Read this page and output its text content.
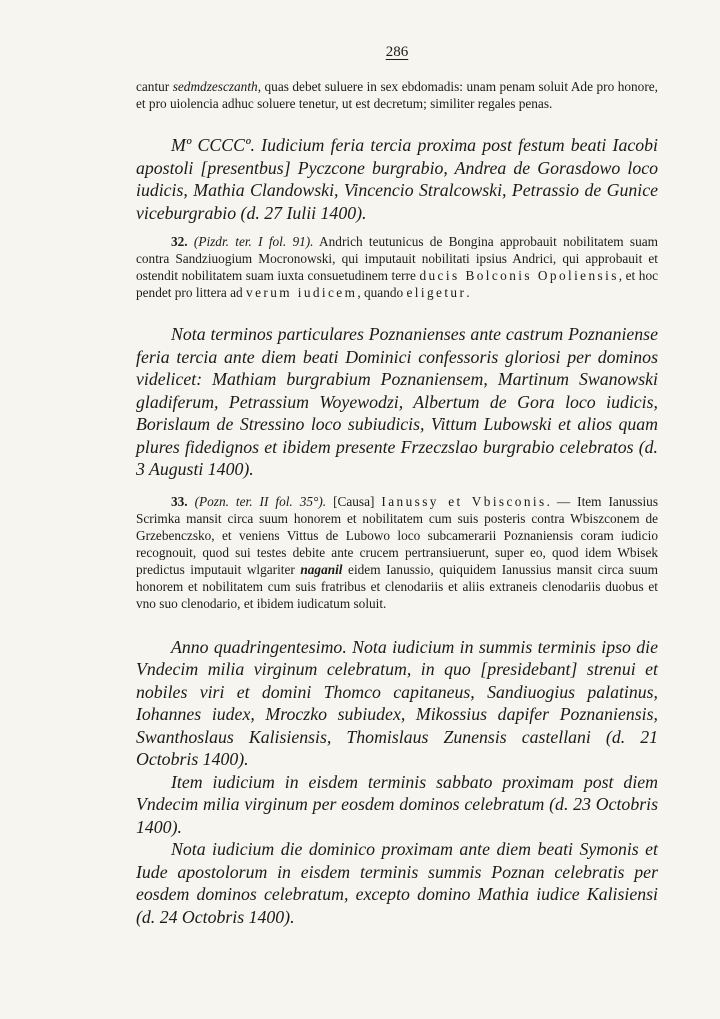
286

cantur sedmdzesczanth, quas debet suluere in sex ebdomadis: unam penam soluit Ade pro honore, et pro uiolencia adhuc soluere tenetur, ut est decretum; similiter regales penas.

Mº CCCCº. Iudicium feria tercia proxima post festum beati Iacobi apostoli [presentbus] Pyczcone burgrabio, Andrea de Gorasdowo loco iudicis, Mathia Clandowski, Vincencio Stralcowski, Petrassio de Gunice viceburgrabio (d. 27 Iulii 1400).

32. (Pizdr. ter. I fol. 91). Andrich teutunicus de Bongina approbauit nobilitatem suam contra Sandziuogium Mocronowski, qui imputauit nobilitati ipsius Andrici, qui approbauit et ostendit nobilitatem suam iuxta consuetudinem terre ducis Bolconis Opoliensis, et hoc pendet pro littera ad verum iudicem, quando eligetur.

Nota terminos particulares Poznanienses ante castrum Poznaniense feria tercia ante diem beati Dominici confessoris gloriosi per dominos videlicet: Mathiam burgrabium Poznaniensem, Martinum Swanowski gladiferum, Petrassium Woyewodzi, Albertum de Gora loco iudicis, Borislaum de Stressino loco subiudicis, Vittum Lubowski et alios quam plures fidedignos et ibidem presente Frzeczslao burgrabio celebratos (d. 3 Augusti 1400).

33. (Pozn. ter. II fol. 35°). [Causa] Ianussy et Vbisconis. — Item Ianussius Scrimka mansit circa suum honorem et nobilitatem cum suis posteris contra Wbiszconem de Grzebenczsko, et veniens Vittus de Lubowo loco subcamerarii Poznaniensis coram iudicio recognouit, quod sui testes debite ante crucem pertransiuerunt, super eo, quod idem Wbisek predictus imputauit wlgariter naganil eidem Ianussio, quiquidem Ianussius mansit circa suum honorem et nobilitatem cum suis fratribus et clenodariis et aliis extraneis clenodariis duobus et vno suo clenodario, et ibidem iudicatum soluit.

Anno quadringentesimo. Nota iudicium in summis terminis ipso die Vndecim milia virginum celebratum, in quo [presidebant] strenui et nobiles viri et domini Thomco capitaneus, Sandiuogius palatinus, Iohannes iudex, Mroczko subiudex, Mikossius dapifer Poznaniensis, Swanthoslaus Kalisiensis, Thomislaus Zunensis castellani (d. 21 Octobris 1400).

Item iudicium in eisdem terminis sabbato proximam post diem Vndecim milia virginum per eosdem dominos celebratum (d. 23 Octobris 1400).

Nota iudicium die dominico proximam ante diem beati Symonis et Iude apostolorum in eisdem terminis summis Poznan celebratis per eosdem dominos celebratum, excepto domino Mathia iudice Kalisiensi (d. 24 Octobris 1400).
